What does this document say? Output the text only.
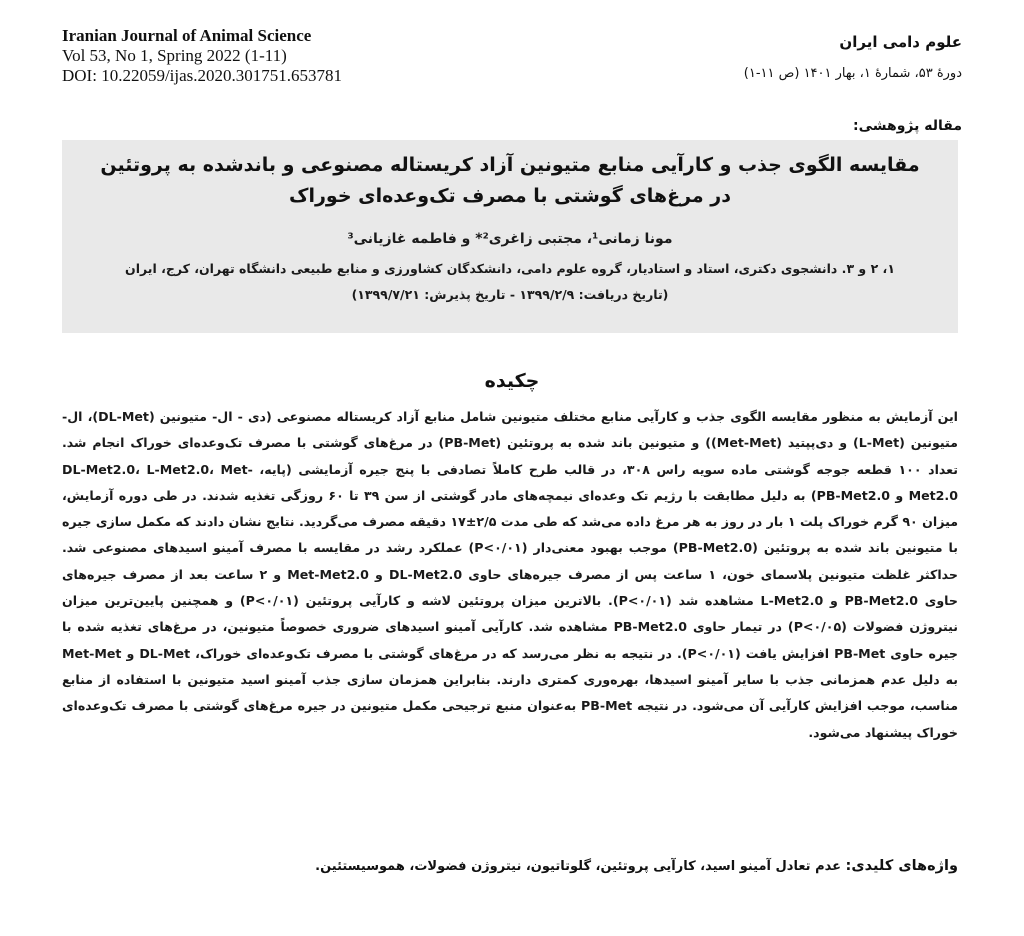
Iranian Journal of Animal Science
Vol 53, No 1, Spring 2022 (1-11)
DOI: 10.22059/ijas.2020.301751.653781
علوم دامی ایران
دورۀ ۵۳، شمارۀ ۱، بهار ۱۴۰۱ (ص ۱۱-۱)
مقاله پژوهشی:
مقایسه الگوی جذب و کارآیی منابع متیونین آزاد کریستاله مصنوعی و باندشده به پروتئین در مرغ‌های گوشتی با مصرف تک‌وعده‌ای خوراک
مونا زمانی¹، مجتبی زاغری²* و فاطمه غازیانی³
۱، ۲ و ۳. دانشجوی دکتری، استاد و استادیار، گروه علوم دامی، دانشکدگان کشاورزی و منابع طبیعی دانشگاه تهران، کرج، ایران
(تاریخ دریافت: ۱۳۹۹/۲/۹ - تاریخ پذیرش: ۱۳۹۹/۷/۲۱)
چکیده
این آزمایش به منظور مقایسه الگوی جذب و کارآیی منابع مختلف متیونین شامل منابع آزاد کریستاله مصنوعی (دی - ال- متیونین (DL-Met)، ال- متیونین (L-Met) و دی‌پپتید (Met-Met)) و متیونین باند شده به پروتئین (PB-Met) در مرغ‌های گوشتی با مصرف تک‌وعده‌ای خوراک انجام شد. تعداد ۱۰۰ قطعه جوجه گوشتی ماده سویه راس ۳۰۸، در قالب طرح کاملاً تصادفی با پنج جیره آزمایشی (پایه، DL-Met2.0، L-Met2.0، Met-Met2.0 و PB-Met2.0) به دلیل مطابقت با رژیم تک وعده‌ای نیمچه‌های مادر گوشتی از سن ۳۹ تا ۶۰ روزگی تغذیه شدند. در طی دوره آزمایش، میزان ۹۰ گرم خوراک پلت ۱ بار در روز به هر مرغ داده می‌شد که طی مدت ۲/۵±۱۷ دقیقه مصرف می‌گردید. نتایج نشان دادند که مکمل سازی جیره با متیونین باند شده به پروتئین (PB-Met2.0) موجب بهبود معنی‌دار (P<۰/۰۱) عملکرد رشد در مقایسه با مصرف آمینو اسیدهای مصنوعی شد. حداکثر غلظت متیونین پلاسمای خون، ۱ ساعت پس از مصرف جیره‌های حاوی DL-Met2.0 و Met-Met2.0 و ۲ ساعت بعد از مصرف جیره‌های حاوی PB-Met2.0 و L-Met2.0 مشاهده شد (P<۰/۰۱). بالاترین میزان پروتئین لاشه و کارآیی پروتئین (P<۰/۰۱) و همچنین پایین‌ترین میزان نیتروژن فضولات (P<۰/۰۵) در تیمار حاوی PB-Met2.0 مشاهده شد. کارآیی آمینو اسیدهای ضروری خصوصاً متیونین، در مرغ‌های تغذیه شده با جیره حاوی PB-Met افزایش یافت (P<۰/۰۱). در نتیجه به نظر می‌رسد که در مرغ‌های گوشتی با مصرف تک‌وعده‌ای خوراک، DL-Met و Met-Met به دلیل عدم همزمانی جذب با سایر آمینو اسیدها، بهره‌وری کمتری دارند. بنابراین همزمان سازی جذب آمینو اسید متیونین با استفاده از منابع مناسب، موجب افزایش کارآیی آن می‌شود. در نتیجه PB-Met به‌عنوان منبع ترجیحی مکمل متیونین در جیره مرغ‌های گوشتی با مصرف تک‌وعده‌ای خوراک پیشنهاد می‌شود.
واژه‌های کلیدی: عدم تعادل آمینو اسید، کارآیی پروتئین، گلوتاتیون، نیتروژن فضولات، هموسیستئین.
